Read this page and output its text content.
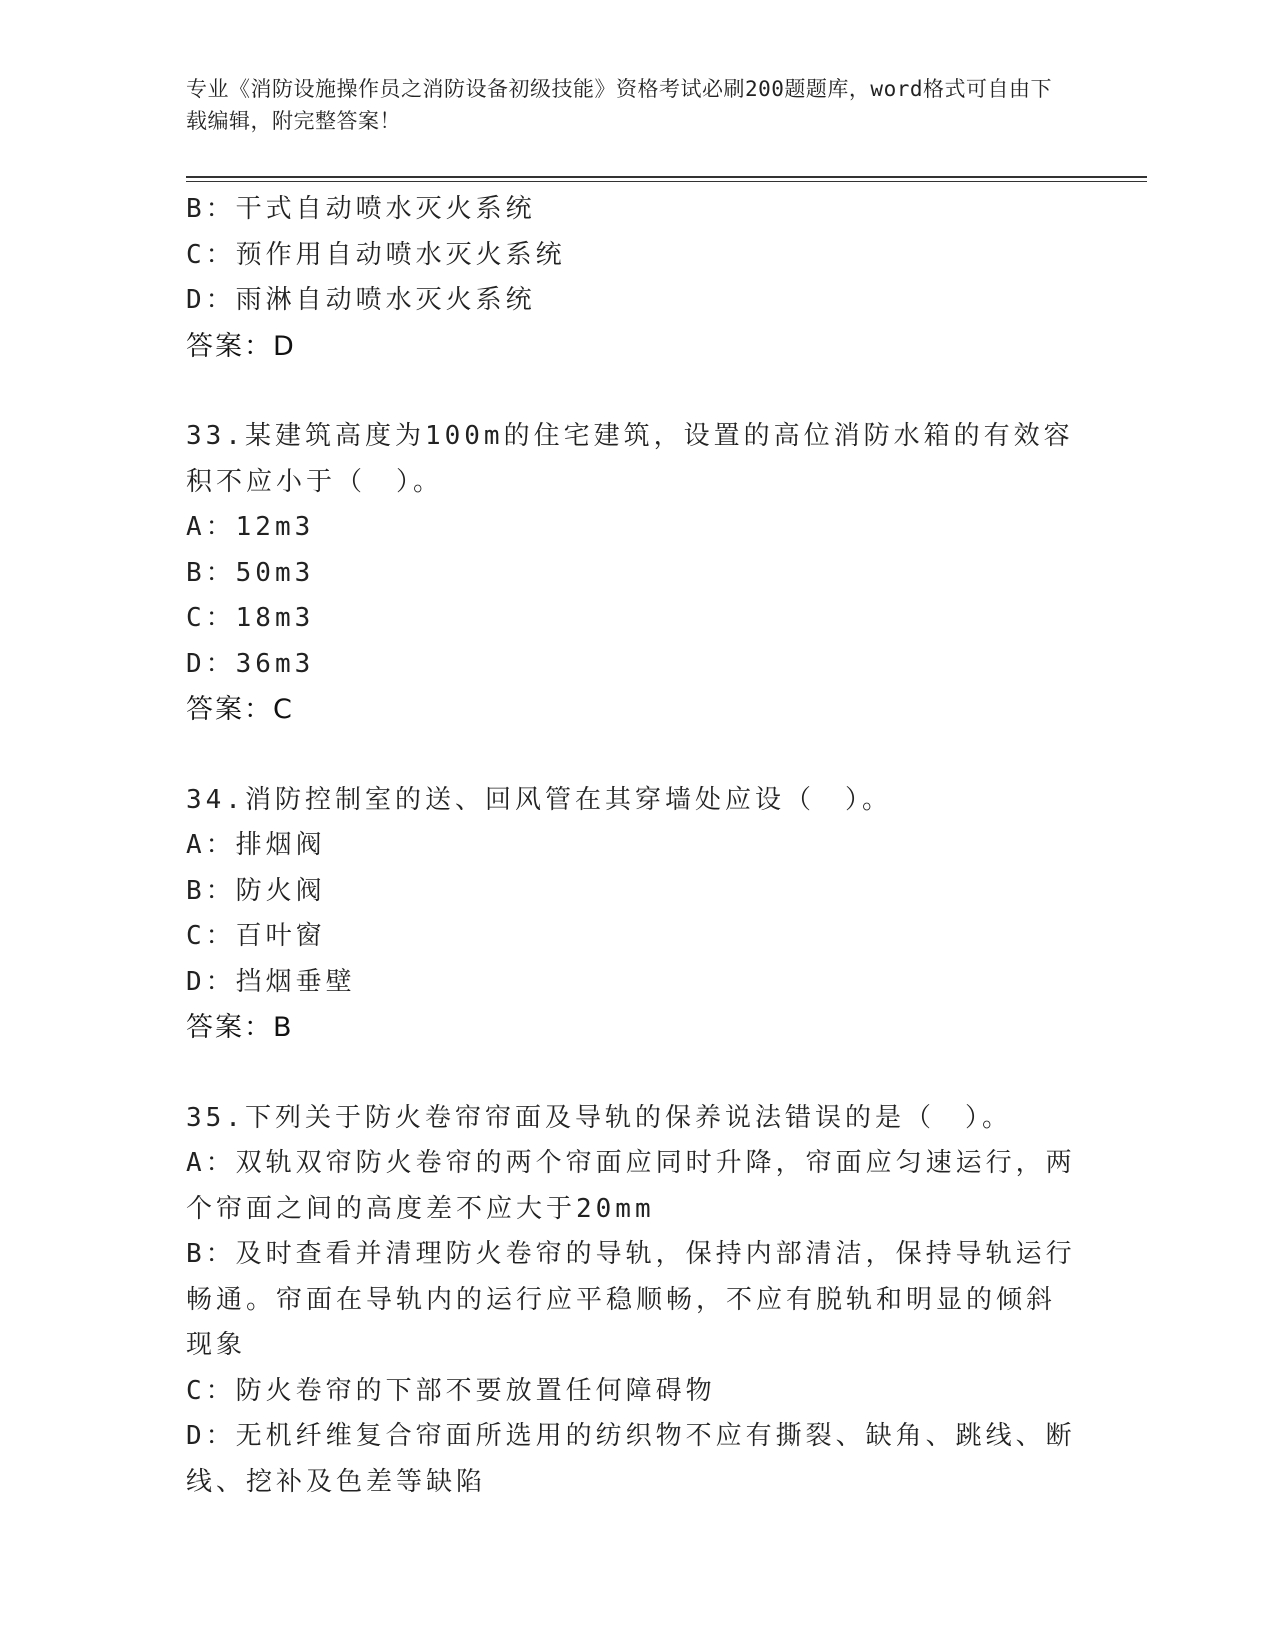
专业《消防设施操作员之消防设备初级技能》资格考试必刷200题题库，word格式可自由下载编辑，附完整答案！
B：干式自动喷水灭火系统
C：预作用自动喷水灭火系统
D：雨淋自动喷水灭火系统
答案：D
33.某建筑高度为100m的住宅建筑，设置的高位消防水箱的有效容积不应小于（　）。
A：12m3
B：50m3
C：18m3
D：36m3
答案：C
34.消防控制室的送、回风管在其穿墙处应设（　）。
A：排烟阀
B：防火阀
C：百叶窗
D：挡烟垂壁
答案：B
35.下列关于防火卷帘帘面及导轨的保养说法错误的是（　）。
A：双轨双帘防火卷帘的两个帘面应同时升降，帘面应匀速运行，两个帘面之间的高度差不应大于20mm
B：及时查看并清理防火卷帘的导轨，保持内部清洁，保持导轨运行畅通。帘面在导轨内的运行应平稳顺畅，不应有脱轨和明显的倾斜现象
C：防火卷帘的下部不要放置任何障碍物
D：无机纤维复合帘面所选用的纺织物不应有撕裂、缺角、跳线、断线、挖补及色差等缺陷
